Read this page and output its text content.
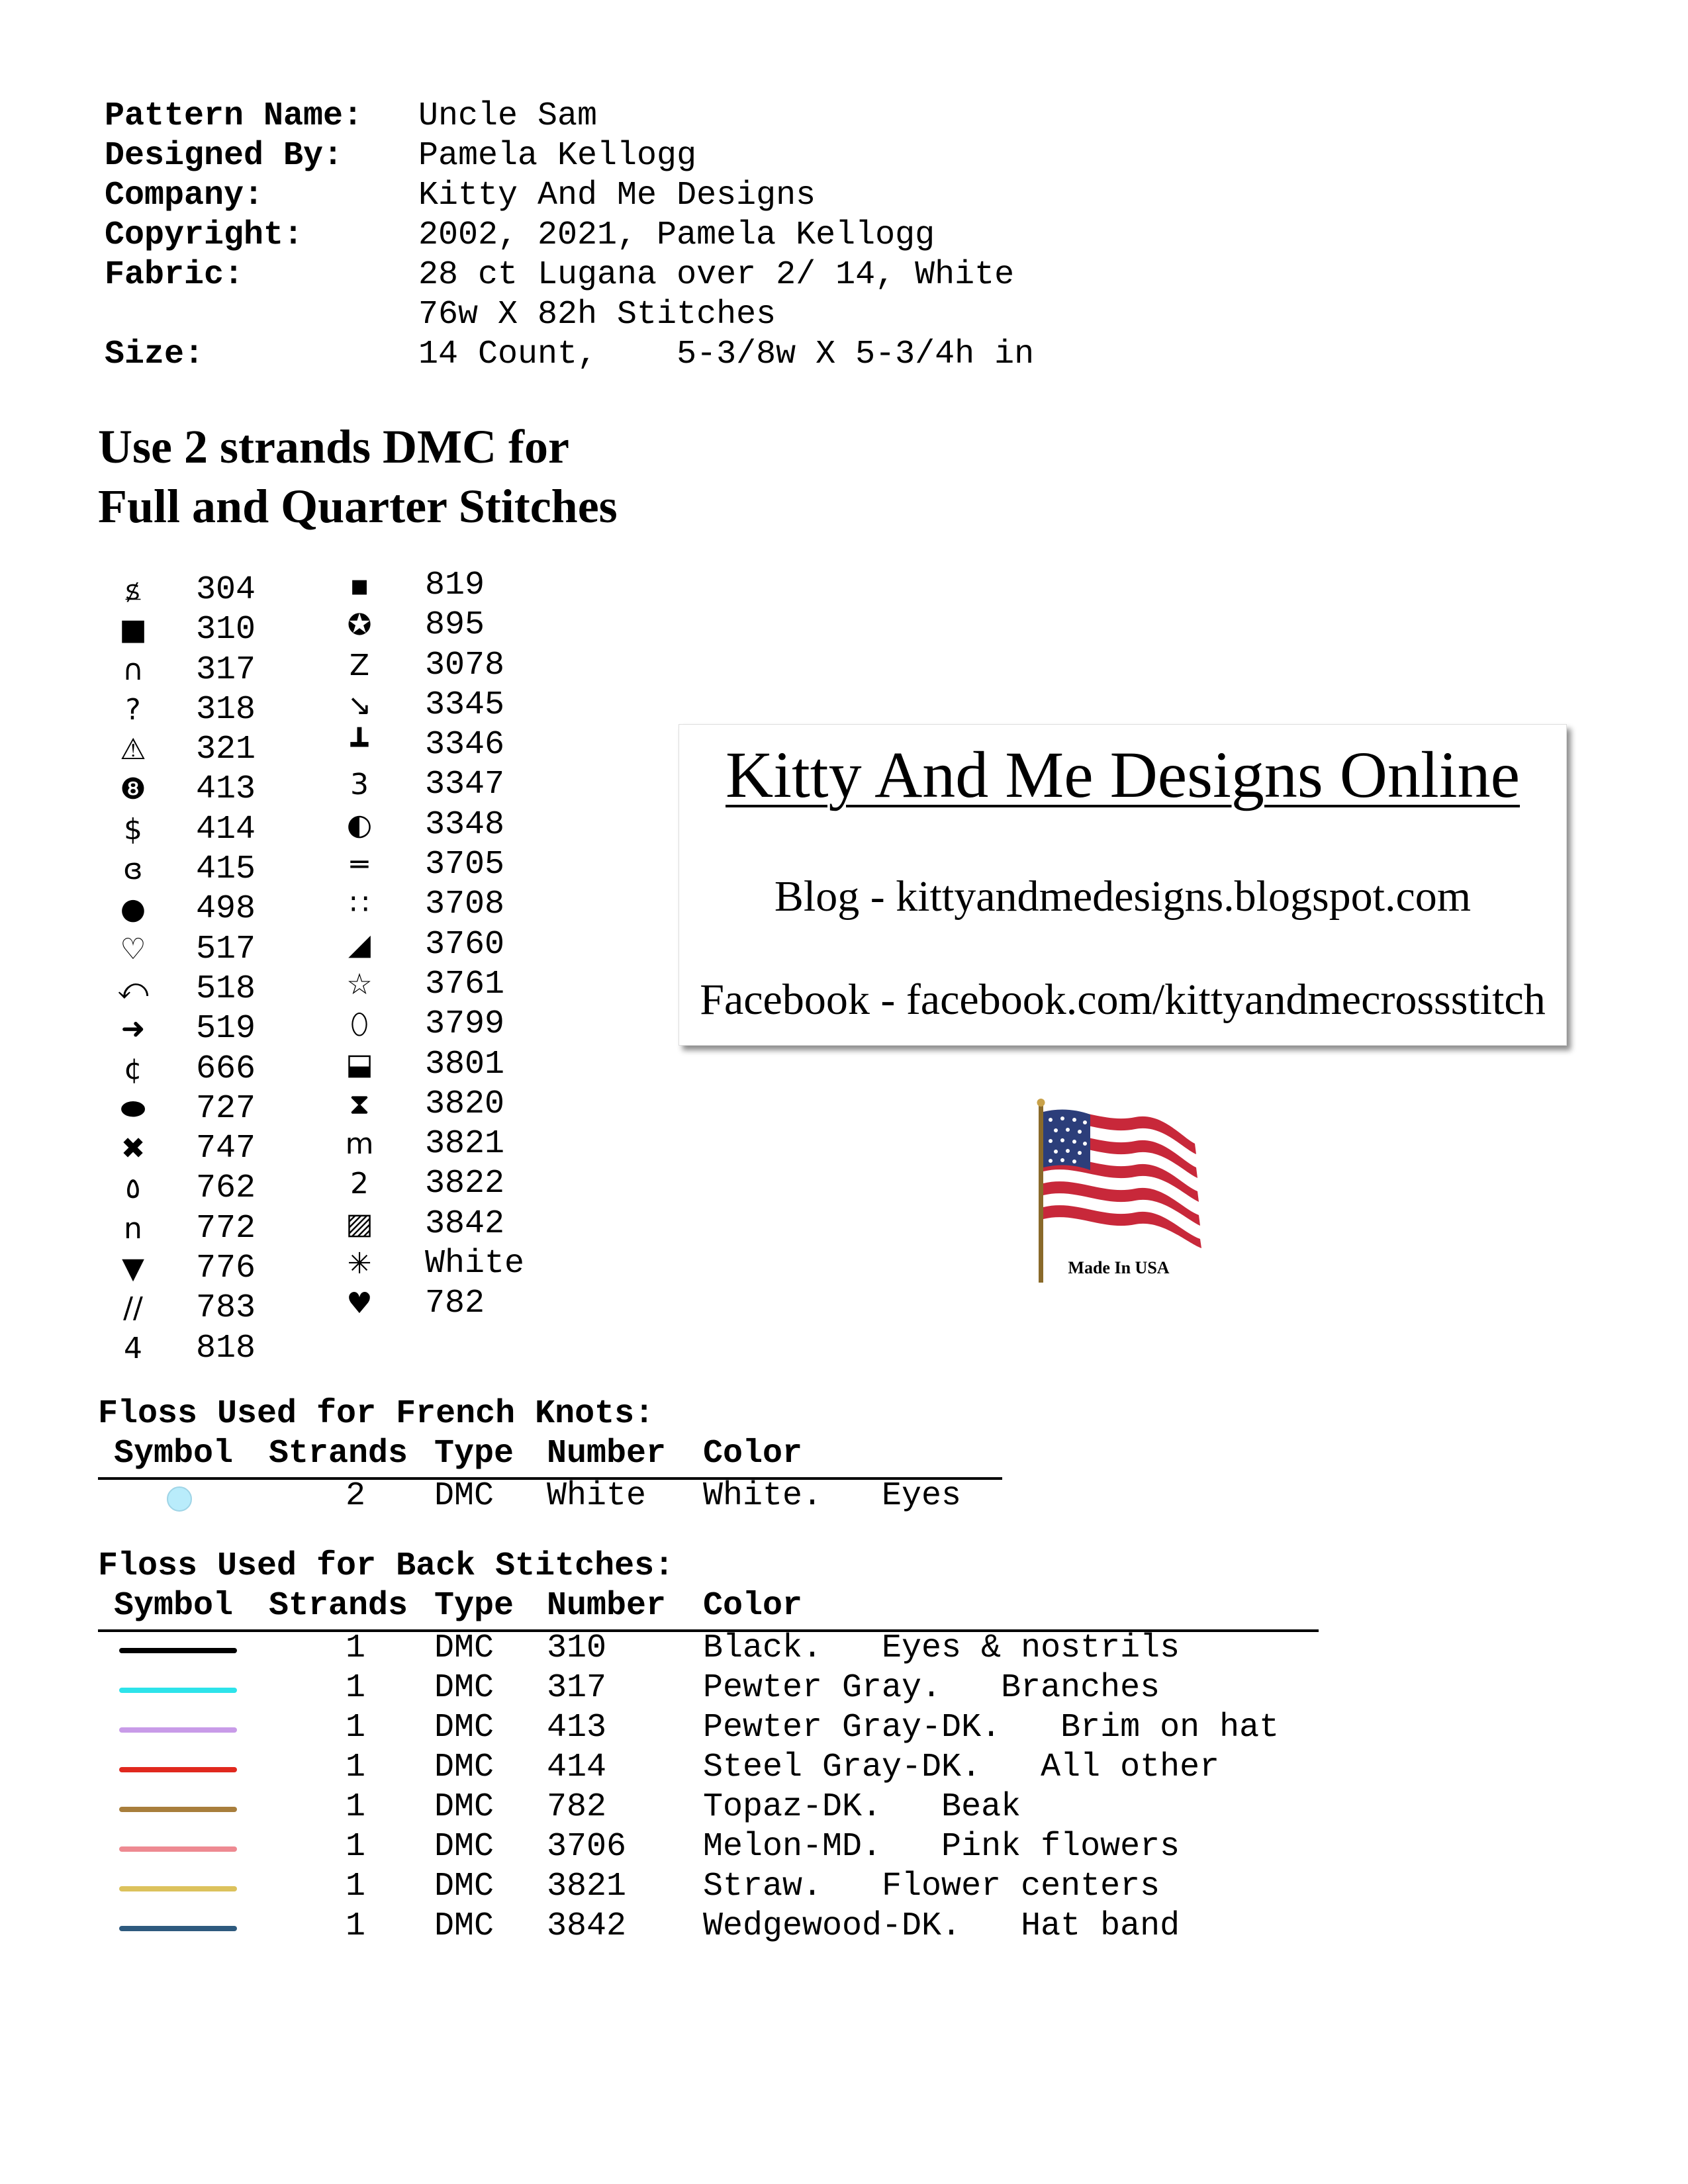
Pattern Name: Uncle Sam
Designed By: Pamela Kellogg
Company:	Kitty And Me Designs
Copyright:	2002, 2021, Pamela Kellogg
Fabric:	28 ct Lugana over 2/ 14, White
76w X 82h Stitches
Size:	14 Count,    5-3/8w X 5-3/4h in
Use 2 strands DMC for
Full and Quarter Stitches
ꟍ 304
■ 310
∩ 317
? 318
⚠ 321
❽ 413
$ 414
ɞ 415
● 498
♡ 517
⤺ 518
➜ 519
¢ 666
⬬ 727
✖ 747
٥ 762
n 772
▼ 776
// 783
4 818
▪ 819
✪ 895
Z 3078
↘ 3345
┻ 3346
3 3347
◐ 3348
═ 3705
∷ 3708
◢ 3760
☆ 3761
⬯ 3799
⬓ 3801
⧗ 3820
m 3821
2 3822
▨ 3842
✳ White
♥ 782
Kitty And Me Designs Online
Blog - kittyandmedesigns.blogspot.com
Facebook - facebook.com/kittyandmecrossstitch
Made In USA
Floss Used for French Knots:
Symbol Strands Type Number Color
2 DMC White White.   Eyes
Floss Used for Back Stitches:
Symbol Strands Type Number Color
1 DMC 310	Black.   Eyes & nostrils
1 DMC 317	Pewter Gray.   Branches
1 DMC 413	Pewter Gray-DK.   Brim on hat
1 DMC 414	Steel Gray-DK.   All other
1 DMC 782	Topaz-DK.   Beak
1 DMC 3706 Melon-MD.   Pink flowers
1 DMC 3821 Straw.   Flower centers
1 DMC 3842 Wedgewood-DK.   Hat band
